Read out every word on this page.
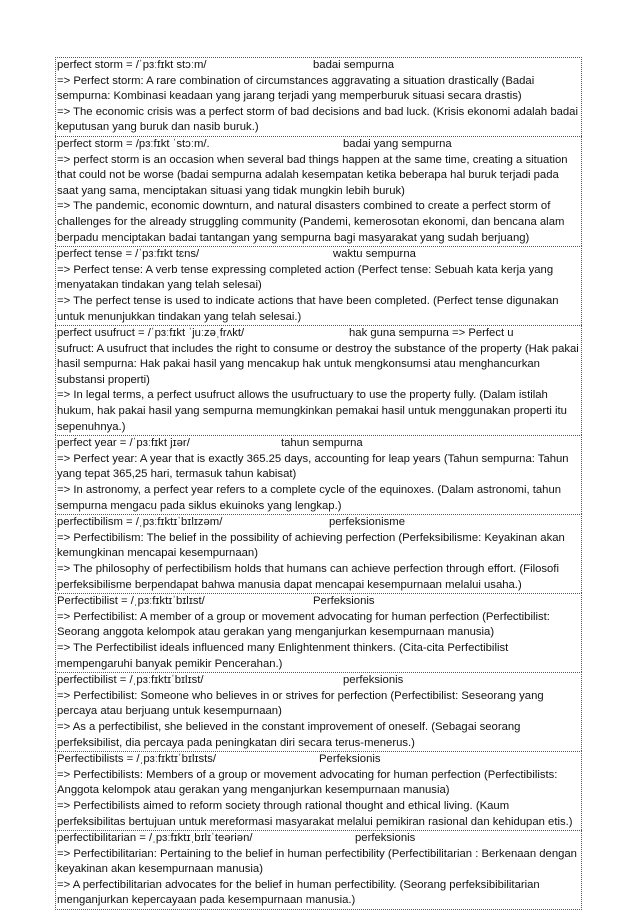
perfect storm = /ˈpɜːfɪkt stɔːm/	badai sempurna
=> Perfect storm: A rare combination of circumstances aggravating a situation drastically (Badai sempurna: Kombinasi keadaan yang jarang terjadi yang memperburuk situasi secara drastis)
=> The economic crisis was a perfect storm of bad decisions and bad luck. (Krisis ekonomi adalah badai keputusan yang buruk dan nasib buruk.)
perfect storm = /pɜːfɪkt ˈstɔːm/.	badai yang sempurna
=> perfect storm is an occasion when several bad things happen at the same time, creating a situation that could not be worse (badai sempurna adalah kesempatan ketika beberapa hal buruk terjadi pada saat yang sama, menciptakan situasi yang tidak mungkin lebih buruk)
=> The pandemic, economic downturn, and natural disasters combined to create a perfect storm of challenges for the already struggling community (Pandemi, kemerosotan ekonomi, dan bencana alam berpadu menciptakan badai tantangan yang sempurna bagi masyarakat yang sudah berjuang)
perfect tense = /ˈpɜːfɪkt tɛns/	waktu sempurna
=> Perfect tense: A verb tense expressing completed action (Perfect tense: Sebuah kata kerja yang menyatakan tindakan yang telah selesai)
=> The perfect tense is used to indicate actions that have been completed. (Perfect tense digunakan untuk menunjukkan tindakan yang telah selesai.)
perfect usufruct = /ˈpɜːfɪkt ˈjuːzəˌfrʌkt/	hak guna sempurna => Perfect u
sufruct: A usufruct that includes the right to consume or destroy the substance of the property (Hak pakai hasil sempurna: Hak pakai hasil yang mencakup hak untuk mengkonsumsi atau menghancurkan substansi properti)
=> In legal terms, a perfect usufruct allows the usufructuary to use the property fully. (Dalam istilah hukum, hak pakai hasil yang sempurna memungkinkan pemakai hasil untuk menggunakan properti itu sepenuhnya.)
perfect year = /ˈpɜːfɪkt jɪər/	tahun sempurna
=> Perfect year: A year that is exactly 365.25 days, accounting for leap years (Tahun sempurna: Tahun yang tepat 365,25 hari, termasuk tahun kabisat)
=> In astronomy, a perfect year refers to a complete cycle of the equinoxes. (Dalam astronomi, tahun sempurna mengacu pada siklus ekuinoks yang lengkap.)
perfectibilism = /ˌpɜːfɪktɪˈbɪlɪzəm/	perfeksionisme
=> Perfectibilism: The belief in the possibility of achieving perfection (Perfeksibilisme: Keyakinan akan kemungkinan mencapai kesempurnaan)
=> The philosophy of perfectibilism holds that humans can achieve perfection through effort. (Filosofi perfeksibilisme berpendapat bahwa manusia dapat mencapai kesempurnaan melalui usaha.)
Perfectibilist = /ˌpɜːfɪktɪˈbɪlɪst/	Perfeksionis
=> Perfectibilist: A member of a group or movement advocating for human perfection (Perfectibilist: Seorang anggota kelompok atau gerakan yang menganjurkan kesempurnaan manusia)
=> The Perfectibilist ideals influenced many Enlightenment thinkers. (Cita-cita Perfectibilist mempengaruhi banyak pemikir Pencerahan.)
perfectibilist = /ˌpɜːfɪktɪˈbɪlɪst/	perfeksionis
=> Perfectibilist: Someone who believes in or strives for perfection (Perfectibilist: Seseorang yang percaya atau berjuang untuk kesempurnaan)
=> As a perfectibilist, she believed in the constant improvement of oneself. (Sebagai seorang perfeksibilist, dia percaya pada peningkatan diri secara terus-menerus.)
Perfectibilists = /ˌpɜːfɪktɪˈbɪlɪsts/	Perfeksionis
=> Perfectibilists: Members of a group or movement advocating for human perfection (Perfectibilists: Anggota kelompok atau gerakan yang menganjurkan kesempurnaan manusia)
=> Perfectibilists aimed to reform society through rational thought and ethical living. (Kaum perfeksibilitas bertujuan untuk mereformasi masyarakat melalui pemikiran rasional dan kehidupan etis.)
perfectibilitarian = /ˌpɜːfɪktɪˌbɪlɪˈteəriən/	perfeksionis
=> Perfectibilitarian: Pertaining to the belief in human perfectibility (Perfectibilitarian : Berkenaan dengan keyakinan akan kesempurnaan manusia)
=> A perfectibilitarian advocates for the belief in human perfectibility. (Seorang perfeksibibilitarian menganjurkan kepercayaan pada kesempurnaan manusia.)
